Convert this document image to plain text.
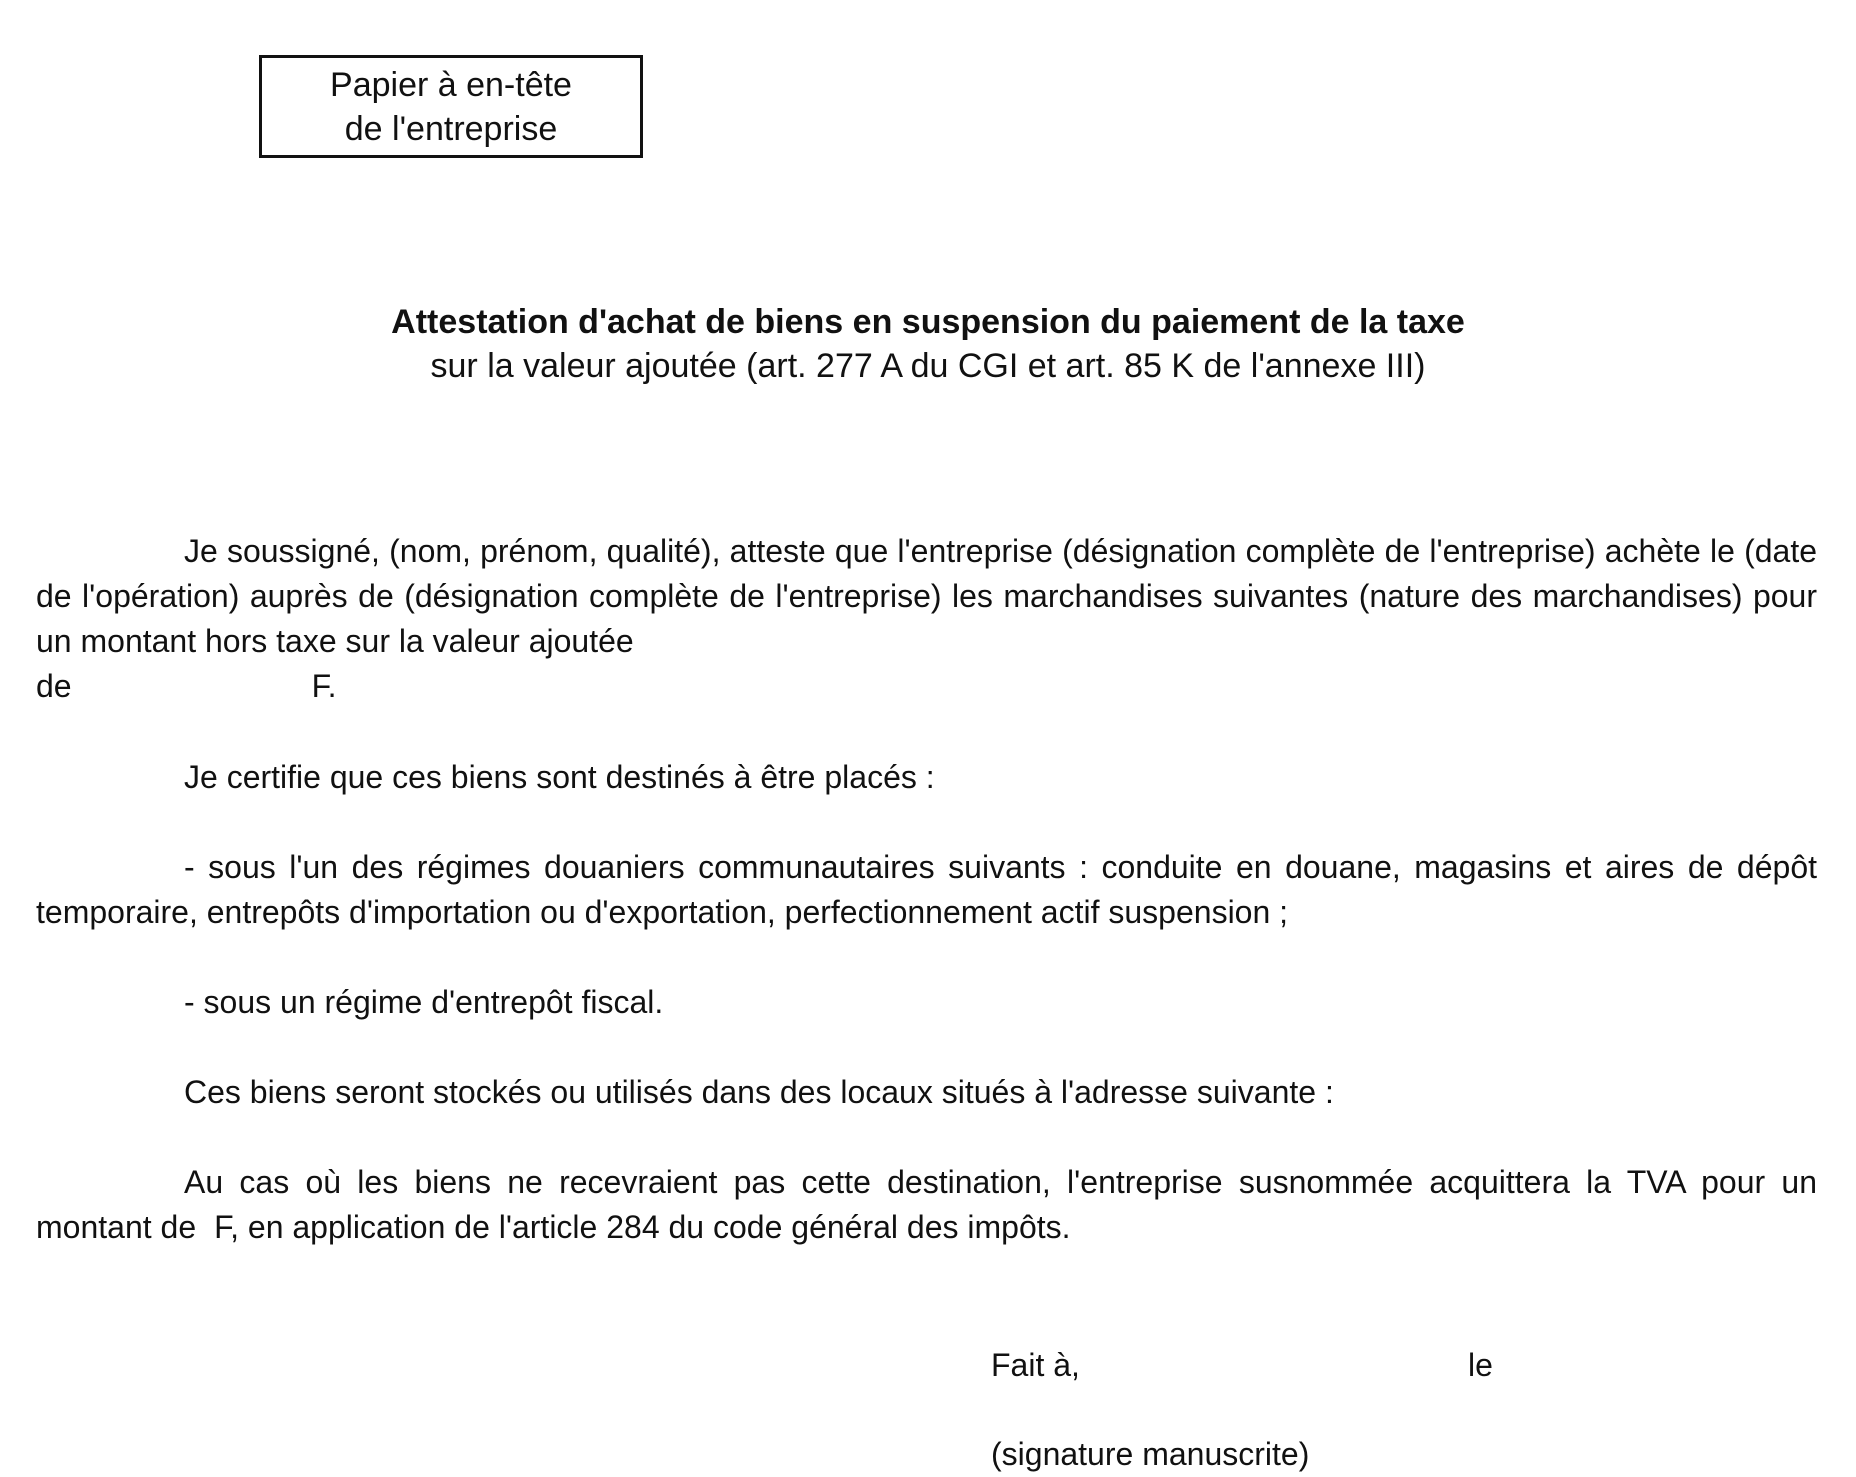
Papier à en-tête
de l'entreprise
Attestation d'achat de biens en suspension du paiement de la taxe
sur la valeur ajoutée (art. 277 A du CGI et art. 85 K de l'annexe III)
Je soussigné, (nom, prénom, qualité), atteste que l'entreprise (désignation complète de l'entreprise) achète le (date de l'opération) auprès de (désignation complète de l'entreprise) les marchandises suivantes (nature des marchandises) pour un montant hors taxe sur la valeur ajoutée
de	F.
Je certifie que ces biens sont destinés à être placés :
- sous l'un des régimes douaniers communautaires suivants : conduite en douane, magasins et aires de dépôt temporaire, entrepôts d'importation ou d'exportation, perfectionnement actif suspension ;
- sous un régime d'entrepôt fiscal.
Ces biens seront stockés ou utilisés dans des locaux situés à l'adresse suivante :
Au cas où les biens ne recevraient pas cette destination, l'entreprise susnommée acquittera la TVA pour un montant de F, en application de l'article 284 du code général des impôts.
Fait à,	le
(signature manuscrite)
